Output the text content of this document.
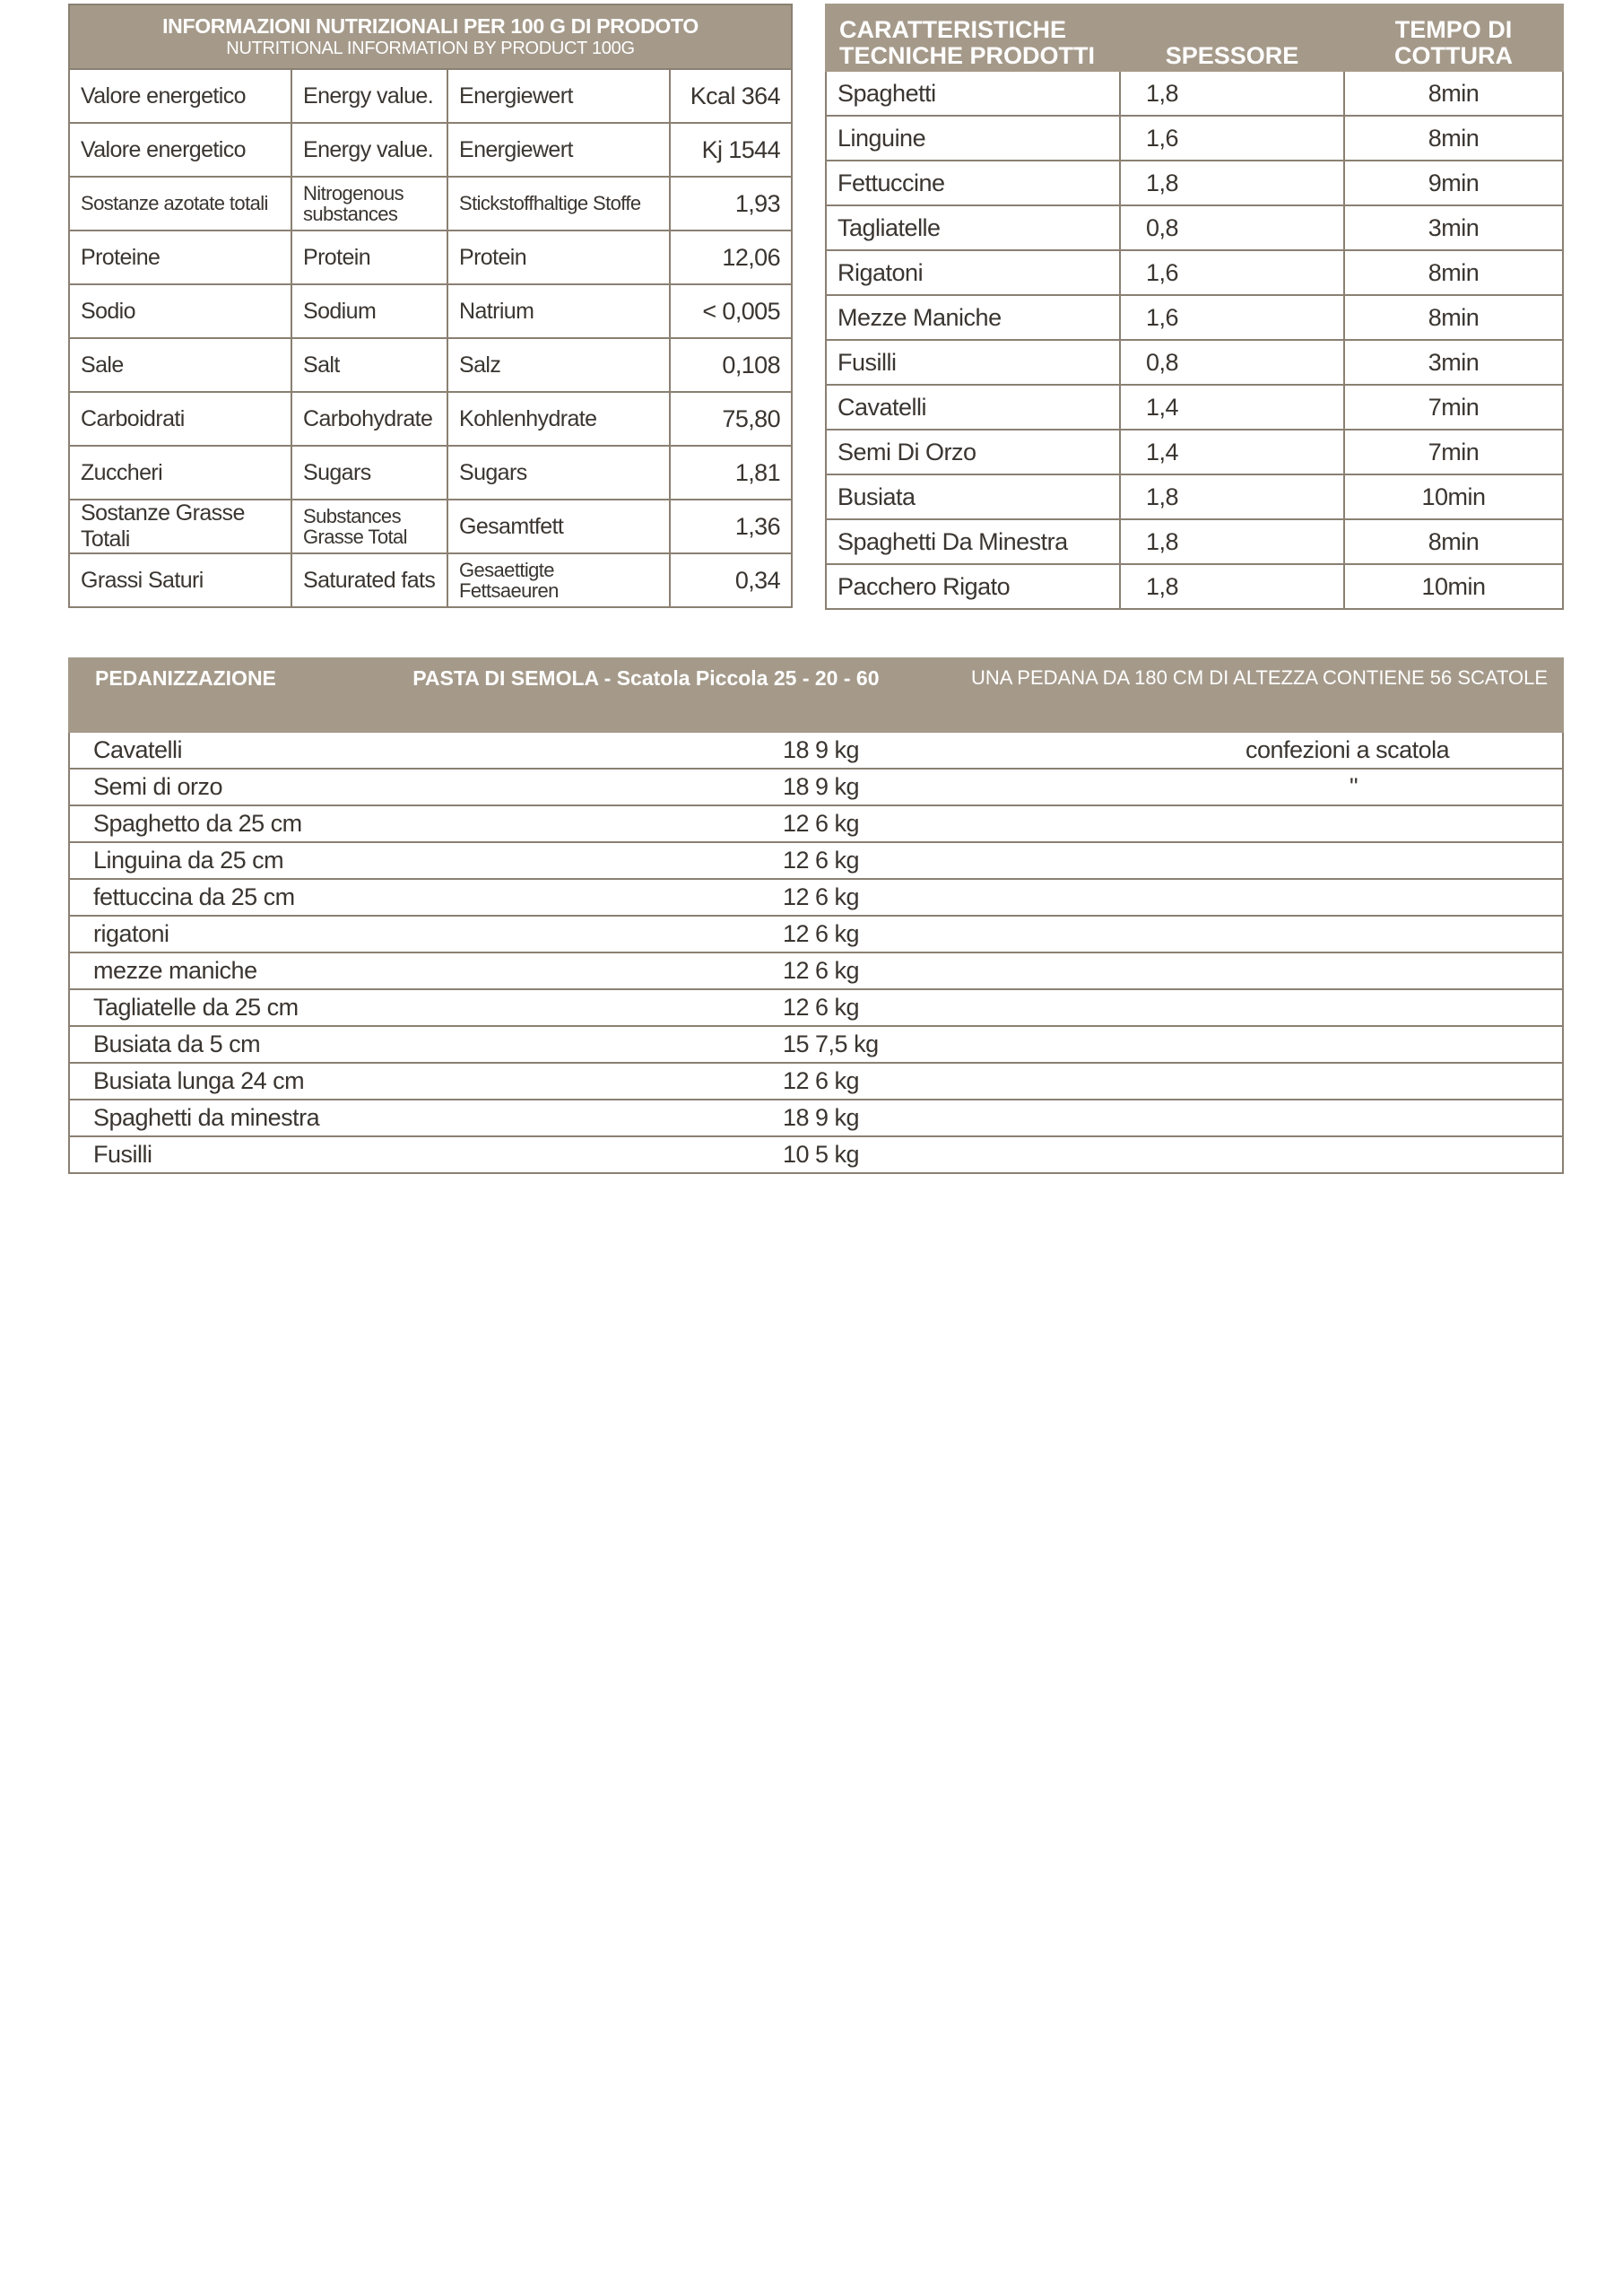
INFORMAZIONI NUTRIZIONALI PER 100 G DI PRODOTO
NUTRITIONAL INFORMATION BY PRODUCT 100G			

Valore energetico	Energy value.	Energiewert	Kcal 364
Valore energetico	Energy value.	Energiewert	Kj 1544
Sostanze azotate totali	Nitrogenous substances	Stickstoffhaltige Stoffe	1,93
Proteine	Protein	Protein	12,06
Sodio	Sodium	Natrium	< 0,005
Sale	Salt	Salz	0,108
Carboidrati	Carbohydrate	Kohlenhydrate	75,80
Zuccheri	Sugars	Sugars	1,81
Sostanze Grasse Totali	Substances Grasse Total	Gesamtfett	1,36
Grassi Saturi	Saturated fats	Gesaettigte Fettsaeuren	0,34
CARATTERISTICHE TECNICHE PRODOTTI	SPESSORE	TEMPO DI COTTURA
Spaghetti	1,8	8min
Linguine	1,6	8min
Fettuccine	1,8	9min
Tagliatelle	0,8	3min
Rigatoni	1,6	8min
Mezze Maniche	1,6	8min
Fusilli	0,8	3min
Cavatelli	1,4	7min
Semi Di Orzo	1,4	7min
Busiata	1,8	10min
Spaghetti Da Minestra	1,8	8min
Pacchero Rigato	1,8	10min
PEDANIZZAZIONE PASTA DI SEMOLA - Scatola Piccola 25 - 20 - 60 UNA PEDANA DA 180 CM DI ALTEZZA CONTIENE 56 SCATOLE		

Cavatelli	18 9 kg	confezioni a scatola
Semi di orzo	18 9 kg	"
Spaghetto da 25 cm	12 6 kg	
Linguina da 25 cm	12 6 kg	
fettuccina da 25 cm	12 6 kg	
rigatoni	12 6 kg	
mezze maniche	12 6 kg	
Tagliatelle da 25 cm	12 6 kg	
Busiata da 5 cm	15 7,5 kg	
Busiata lunga 24 cm	12 6 kg	
Spaghetti da minestra	18 9 kg	
Fusilli	10 5 kg	
